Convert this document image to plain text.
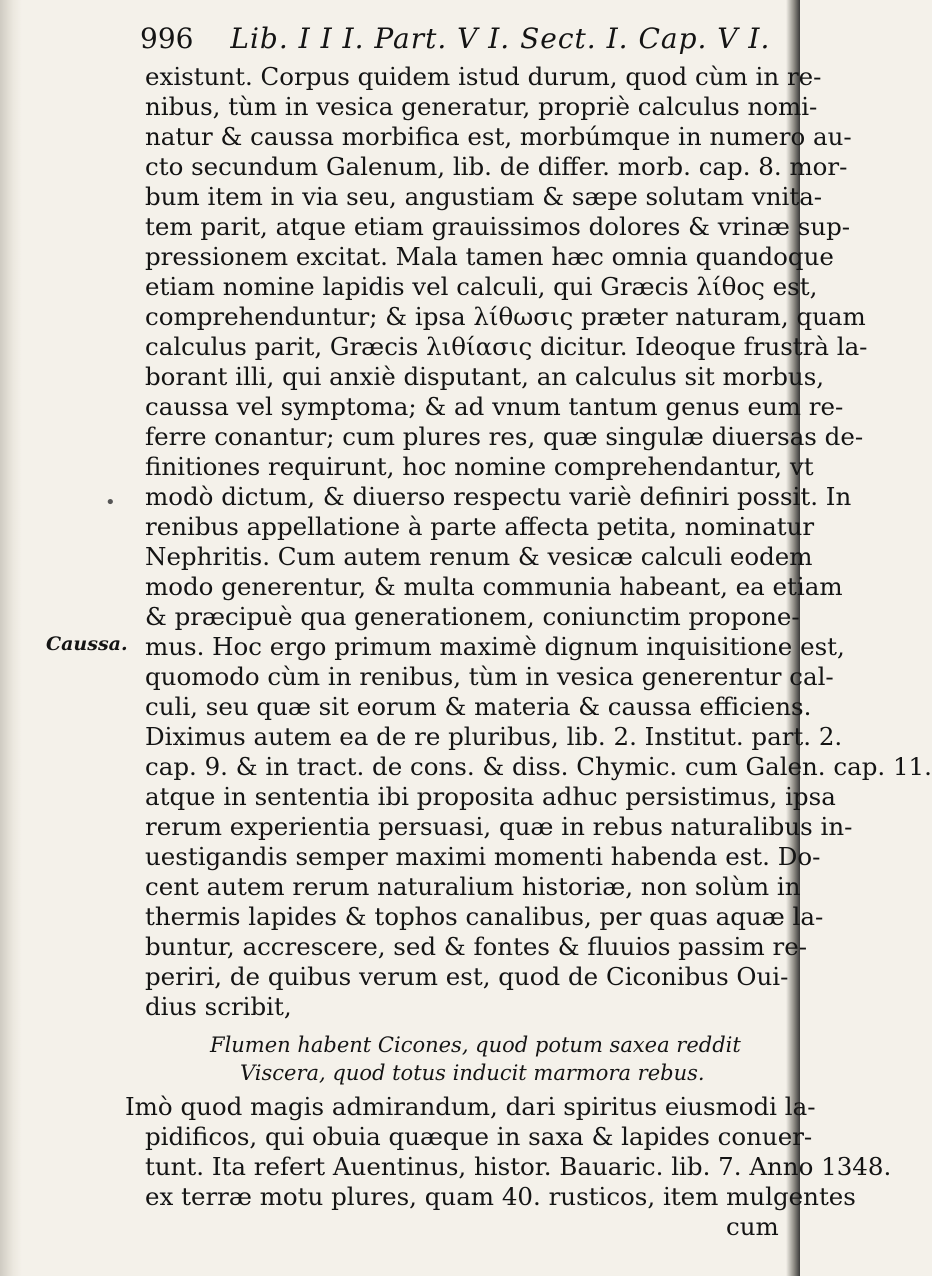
996 Lib. I I I. Part. V I. Sect. I. Cap. V I.
Caussa.
•
existunt. Corpus quidem istud durum, quod cùm in re-
nibus, tùm in vesica generatur, propriè calculus nomi-
natur & caussa morbifica est, morbúmque in numero au-
cto secundum Galenum, lib. de differ. morb. cap. 8. mor-
bum item in via seu, angustiam & sæpe solutam vnita-
tem parit, atque etiam grauissimos dolores & vrinæ sup-
pressionem excitat. Mala tamen hæc omnia quandoque
etiam nomine lapidis vel calculi, qui Græcis λίθος est,
comprehenduntur; & ipsa λίθωσις præter naturam, quam
calculus parit, Græcis λιθίασις dicitur. Ideoque frustrà la-
borant illi, qui anxiè disputant, an calculus sit morbus,
caussa vel symptoma; & ad vnum tantum genus eum re-
ferre conantur; cum plures res, quæ singulæ diuersas de-
finitiones requirunt, hoc nomine comprehendantur, vt
modò dictum, & diuerso respectu variè definiri possit. In
renibus appellatione à parte affecta petita, nominatur
Nephritis. Cum autem renum & vesicæ calculi eodem
modo generentur, & multa communia habeant, ea etiam
& præcipuè qua generationem, coniunctim propone-
mus. Hoc ergo primum maximè dignum inquisitione est,
quomodo cùm in renibus, tùm in vesica generentur cal-
culi, seu quæ sit eorum & materia & caussa efficiens.
Diximus autem ea de re pluribus, lib. 2. Institut. part. 2.
cap. 9. & in tract. de cons. & diss. Chymic. cum Galen. cap. 11.
atque in sententia ibi proposita adhuc persistimus, ipsa
rerum experientia persuasi, quæ in rebus naturalibus in-
uestigandis semper maximi momenti habenda est. Do-
cent autem rerum naturalium historiæ, non solùm in
thermis lapides & tophos canalibus, per quas aquæ la-
buntur, accrescere, sed & fontes & fluuios passim re-
periri, de quibus verum est, quod de Ciconibus Oui-
dius scribit,
Flumen habent Cicones, quod potum saxea reddit
Viscera, quod totus inducit marmora rebus.
Imò quod magis admirandum, dari spiritus eiusmodi la-
pidificos, qui obuia quæque in saxa & lapides conuer-
tunt. Ita refert Auentinus, histor. Bauaric. lib. 7. Anno 1348.
ex terræ motu plures, quam 40. rusticos, item mulgentes
cum
